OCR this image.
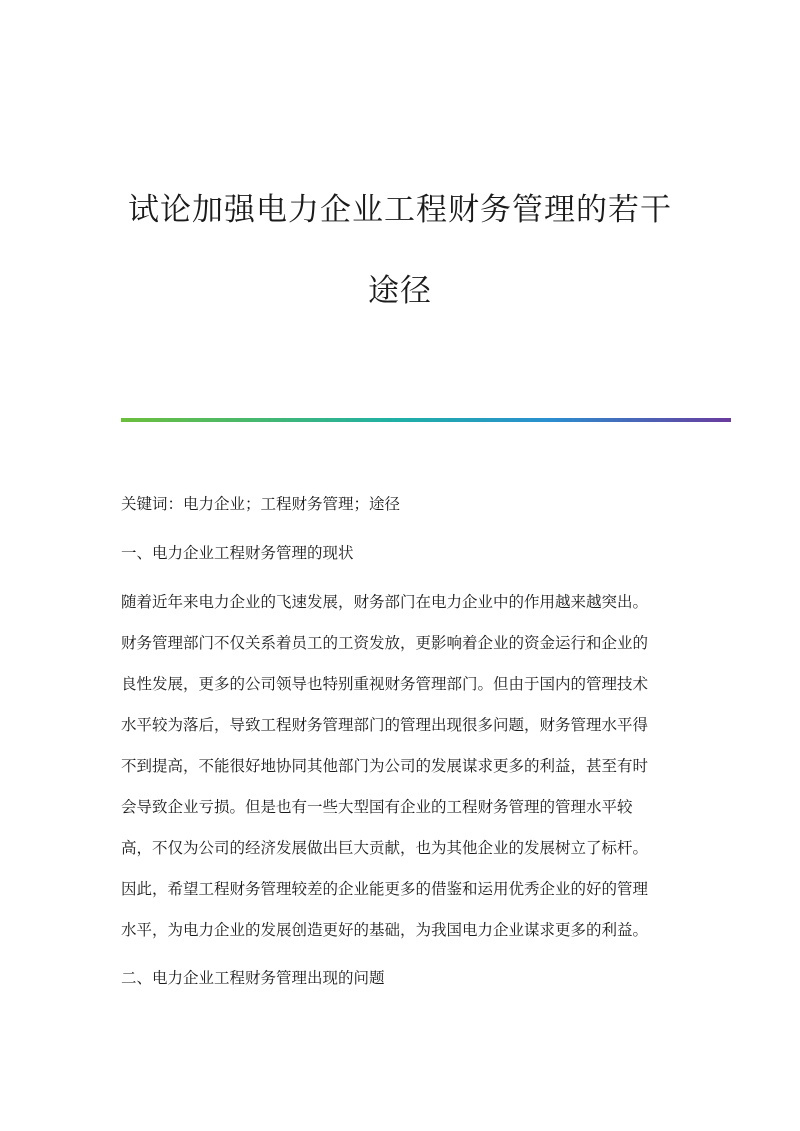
试论加强电力企业工程财务管理的若干
途径

关键词：电力企业；工程财务管理；途径

一、电力企业工程财务管理的现状

随着近年来电力企业的飞速发展，财务部门在电力企业中的作用越来越突出。

财务管理部门不仅关系着员工的工资发放，更影响着企业的资金运行和企业的

良性发展，更多的公司领导也特别重视财务管理部门。但由于国内的管理技术

水平较为落后，导致工程财务管理部门的管理出现很多问题，财务管理水平得

不到提高，不能很好地协同其他部门为公司的发展谋求更多的利益，甚至有时

会导致企业亏损。但是也有一些大型国有企业的工程财务管理的管理水平较

高，不仅为公司的经济发展做出巨大贡献，也为其他企业的发展树立了标杆。

因此，希望工程财务管理较差的企业能更多的借鉴和运用优秀企业的好的管理

水平，为电力企业的发展创造更好的基础，为我国电力企业谋求更多的利益。

二、电力企业工程财务管理出现的问题
